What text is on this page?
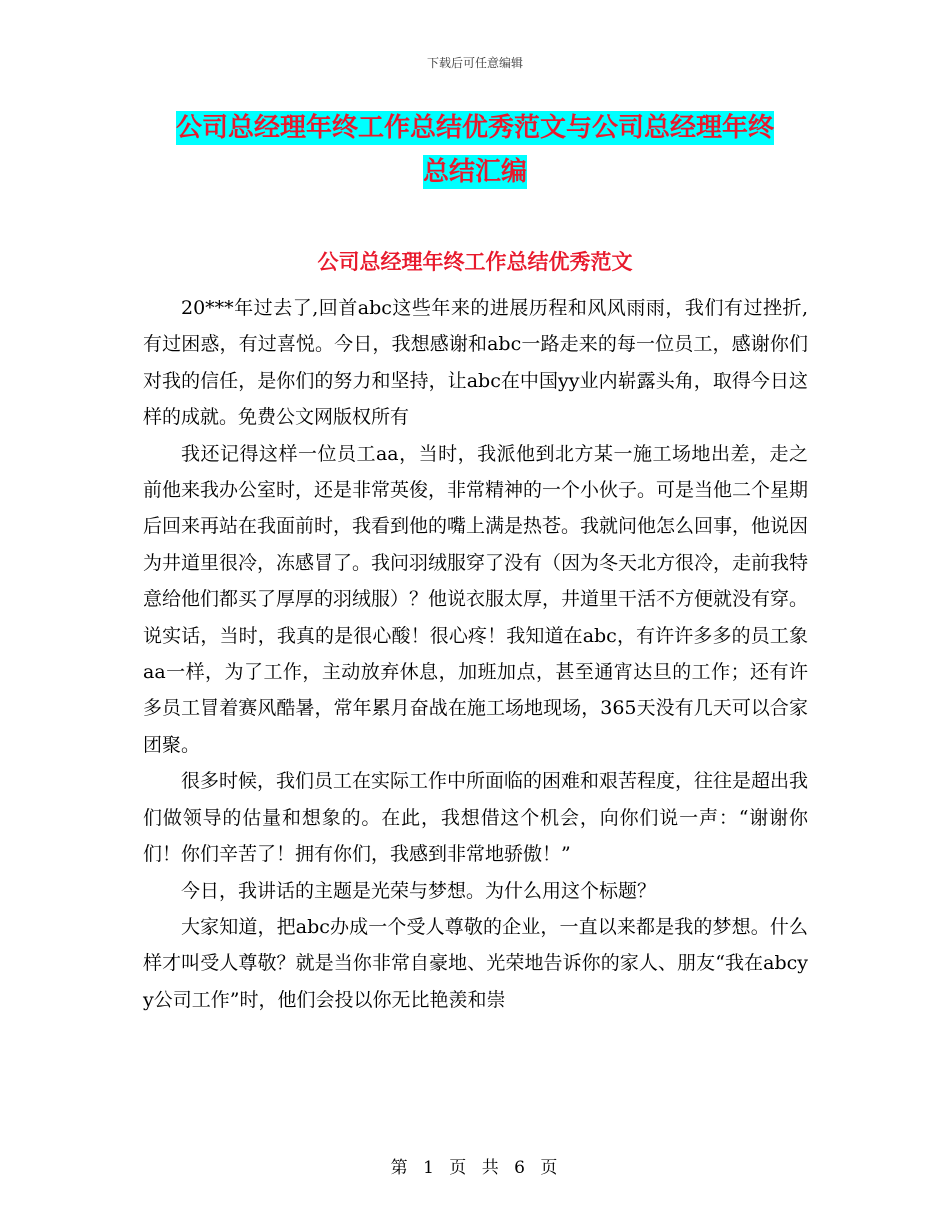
下载后可任意编辑
公司总经理年终工作总结优秀范文与公司总经理年终
总结汇编
公司总经理年终工作总结优秀范文

20***年过去了,回首abc这些年来的进展历程和风风雨雨，我们有过挫折,有过困惑，有过喜悦。今日，我想感谢和abc一路走来的每一位员工，感谢你们对我的信任，是你们的努力和坚持，让abc在中国yy业内崭露头角，取得今日这样的成就。免费公文网版权所有

我还记得这样一位员工aa，当时，我派他到北方某一施工场地出差，走之前他来我办公室时，还是非常英俊，非常精神的一个小伙子。可是当他二个星期后回来再站在我面前时，我看到他的嘴上满是热苍。我就问他怎么回事，他说因为井道里很冷，冻感冒了。我问羽绒服穿了没有（因为冬天北方很冷，走前我特意给他们都买了厚厚的羽绒服）？他说衣服太厚，井道里干活不方便就没有穿。说实话，当时，我真的是很心酸！很心疼！我知道在abc，有许许多多的员工象aa一样，为了工作，主动放弃休息，加班加点，甚至通宵达旦的工作；还有许多员工冒着赛风酷暑，常年累月奋战在施工场地现场，365天没有几天可以合家团聚。

很多时候，我们员工在实际工作中所面临的困难和艰苦程度，往往是超出我们做领导的估量和想象的。在此，我想借这个机会，向你们说一声：“谢谢你们！你们辛苦了！拥有你们，我感到非常地骄傲！”

今日，我讲话的主题是光荣与梦想。为什么用这个标题？

大家知道，把abc办成一个受人尊敬的企业，一直以来都是我的梦想。什么样才叫受人尊敬？就是当你非常自豪地、光荣地告诉你的家人、朋友“我在abcyy公司工作”时，他们会投以你无比艳羡和崇

第 1 页 共 6 页
